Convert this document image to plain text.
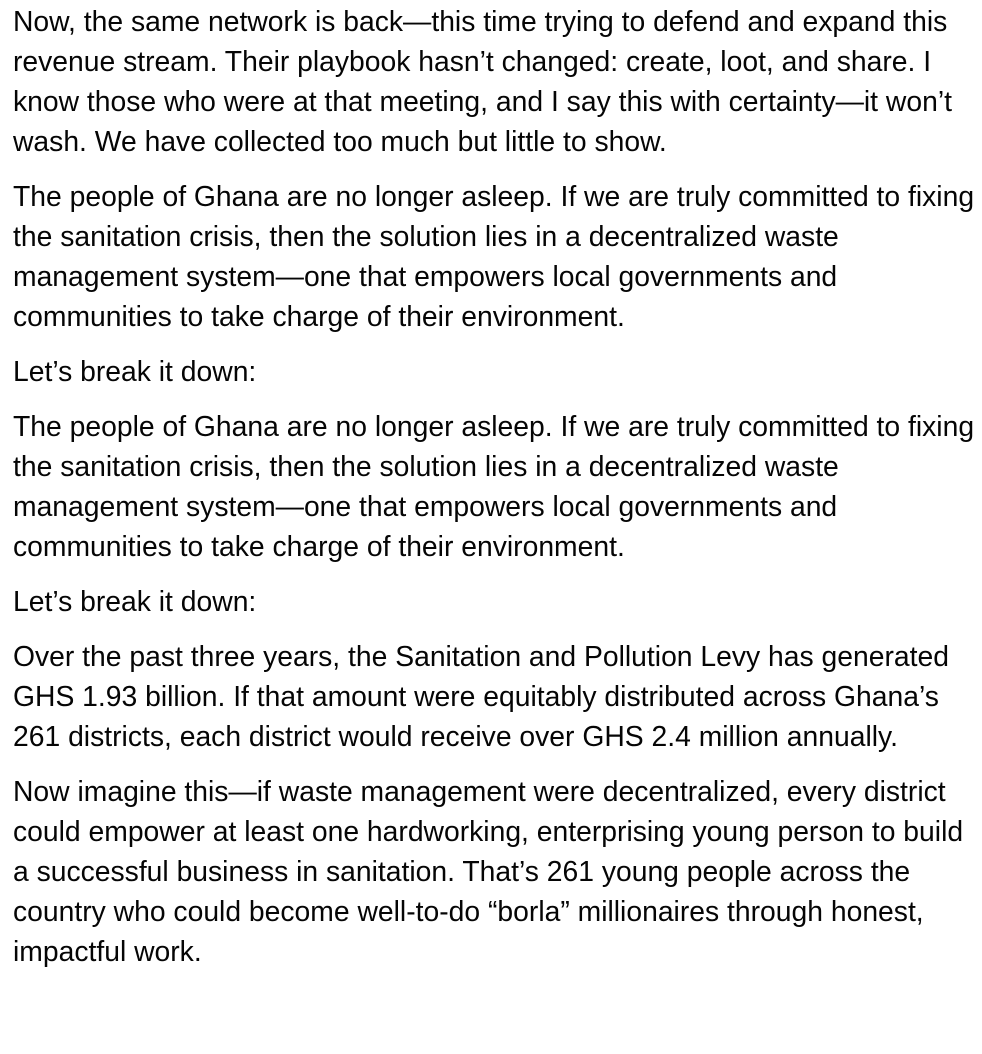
Now, the same network is back—this time trying to defend and expand this revenue stream. Their playbook hasn’t changed: create, loot, and share. I know those who were at that meeting, and I say this with certainty—it won’t wash. We have collected too much but little to show.

The people of Ghana are no longer asleep. If we are truly committed to fixing the sanitation crisis, then the solution lies in a decentralized waste management system—one that empowers local governments and communities to take charge of their environment.

Let’s break it down:

The people of Ghana are no longer asleep. If we are truly committed to fixing the sanitation crisis, then the solution lies in a decentralized waste management system—one that empowers local governments and communities to take charge of their environment.

Let’s break it down:

Over the past three years, the Sanitation and Pollution Levy has generated GHS 1.93 billion. If that amount were equitably distributed across Ghana’s 261 districts, each district would receive over GHS 2.4 million annually.

Now imagine this—if waste management were decentralized, every district could empower at least one hardworking, enterprising young person to build a successful business in sanitation. That’s 261 young people across the country who could become well-to-do “borla” millionaires through honest, impactful work.
